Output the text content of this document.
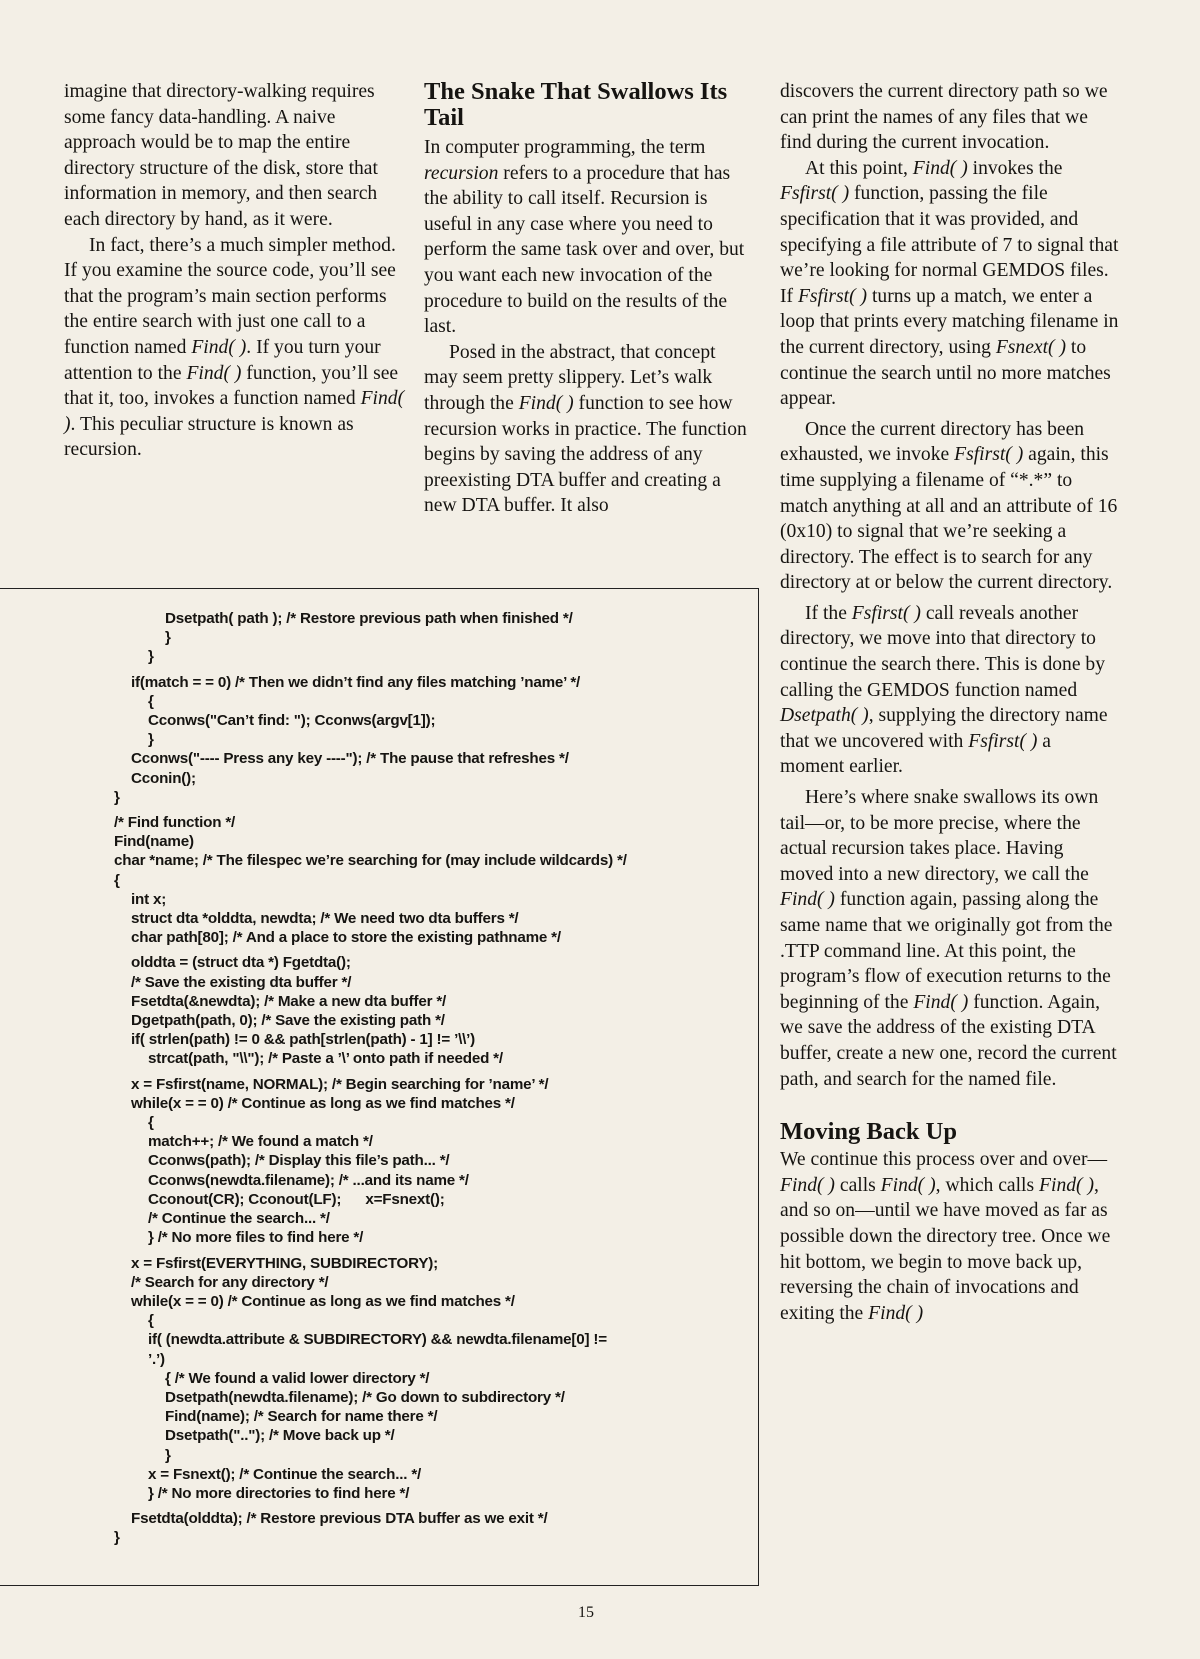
imagine that directory-walking requires some fancy data-handling. A naive approach would be to map the entire directory structure of the disk, store that information in memory, and then search each directory by hand, as it were.

In fact, there’s a much simpler method. If you examine the source code, you’ll see that the program’s main section performs the entire search with just one call to a function named Find( ). If you turn your attention to the Find( ) function, you’ll see that it, too, invokes a function named Find( ). This peculiar structure is known as recursion.

The Snake That Swallows Its Tail

In computer programming, the term recursion refers to a procedure that has the ability to call itself. Recursion is useful in any case where you need to perform the same task over and over, but you want each new invocation of the procedure to build on the results of the last.

Posed in the abstract, that concept may seem pretty slippery. Let’s walk through the Find( ) function to see how recursion works in practice. The function begins by saving the address of any preexisting DTA buffer and creating a new DTA buffer. It also

discovers the current directory path so we can print the names of any files that we find during the current invocation.

At this point, Find( ) invokes the Fsfirst( ) function, passing the file specification that it was provided, and specifying a file attribute of 7 to signal that we’re looking for normal GEMDOS files. If Fsfirst( ) turns up a match, we enter a loop that prints every matching filename in the current directory, using Fsnext( ) to continue the search until no more matches appear.

Once the current directory has been exhausted, we invoke Fsfirst( ) again, this time supplying a filename of “*.*” to match anything at all and an attribute of 16 (0x10) to signal that we’re seeking a directory. The effect is to search for any directory at or below the current directory.

If the Fsfirst( ) call reveals another directory, we move into that directory to continue the search there. This is done by calling the GEMDOS function named Dsetpath( ), supplying the directory name that we uncovered with Fsfirst( ) a moment earlier.

Here’s where snake swallows its own tail—or, to be more precise, where the actual recursion takes place. Having moved into a new directory, we call the Find( ) function again, passing along the same name that we originally got from the .TTP command line. At this point, the program’s flow of execution returns to the beginning of the Find( ) function. Again, we save the address of the existing DTA buffer, create a new one, record the current path, and search for the named file.

Moving Back Up

We continue this process over and over—Find( ) calls Find( ), which calls Find( ), and so on—until we have moved as far as possible down the directory tree. Once we hit bottom, we begin to move back up, reversing the chain of invocations and exiting the Find( )

Dsetpath( path ); /* Restore previous path when finished */
}
}
if(match = = 0) /* Then we didn’t find any files matching ’name’ */
{
Cconws("Can’t find: "); Cconws(argv[1]);
}
Cconws("---- Press any key ----"); /* The pause that refreshes */
Cconin();
}
/* Find function */
Find(name)
char *name; /* The filespec we’re searching for (may include wildcards) */
{
int x;
struct dta *olddta, newdta; /* We need two dta buffers */
char path[80]; /* And a place to store the existing pathname */
olddta = (struct dta *) Fgetdta();
/* Save the existing dta buffer */
Fsetdta(&newdta); /* Make a new dta buffer */
Dgetpath(path, 0); /* Save the existing path */
if( strlen(path) != 0 && path[strlen(path) - 1] != ’\\’)
strcat(path, "\\"); /* Paste a ’\’ onto path if needed */
x = Fsfirst(name, NORMAL); /* Begin searching for ’name’ */
while(x = = 0) /* Continue as long as we find matches */
{
match++; /* We found a match */
Cconws(path); /* Display this file’s path... */
Cconws(newdta.filename); /* ...and its name */
Cconout(CR); Cconout(LF);      x=Fsnext();
/* Continue the search... */
} /* No more files to find here */
x = Fsfirst(EVERYTHING, SUBDIRECTORY);
/* Search for any directory */
while(x = = 0) /* Continue as long as we find matches */
{
if( (newdta.attribute & SUBDIRECTORY) && newdta.filename[0] !=
’.’)
{ /* We found a valid lower directory */
Dsetpath(newdta.filename); /* Go down to subdirectory */
Find(name); /* Search for name there */
Dsetpath(".."); /* Move back up */
}
x = Fsnext(); /* Continue the search... */
} /* No more directories to find here */
Fsetdta(olddta); /* Restore previous DTA buffer as we exit */
}
15
